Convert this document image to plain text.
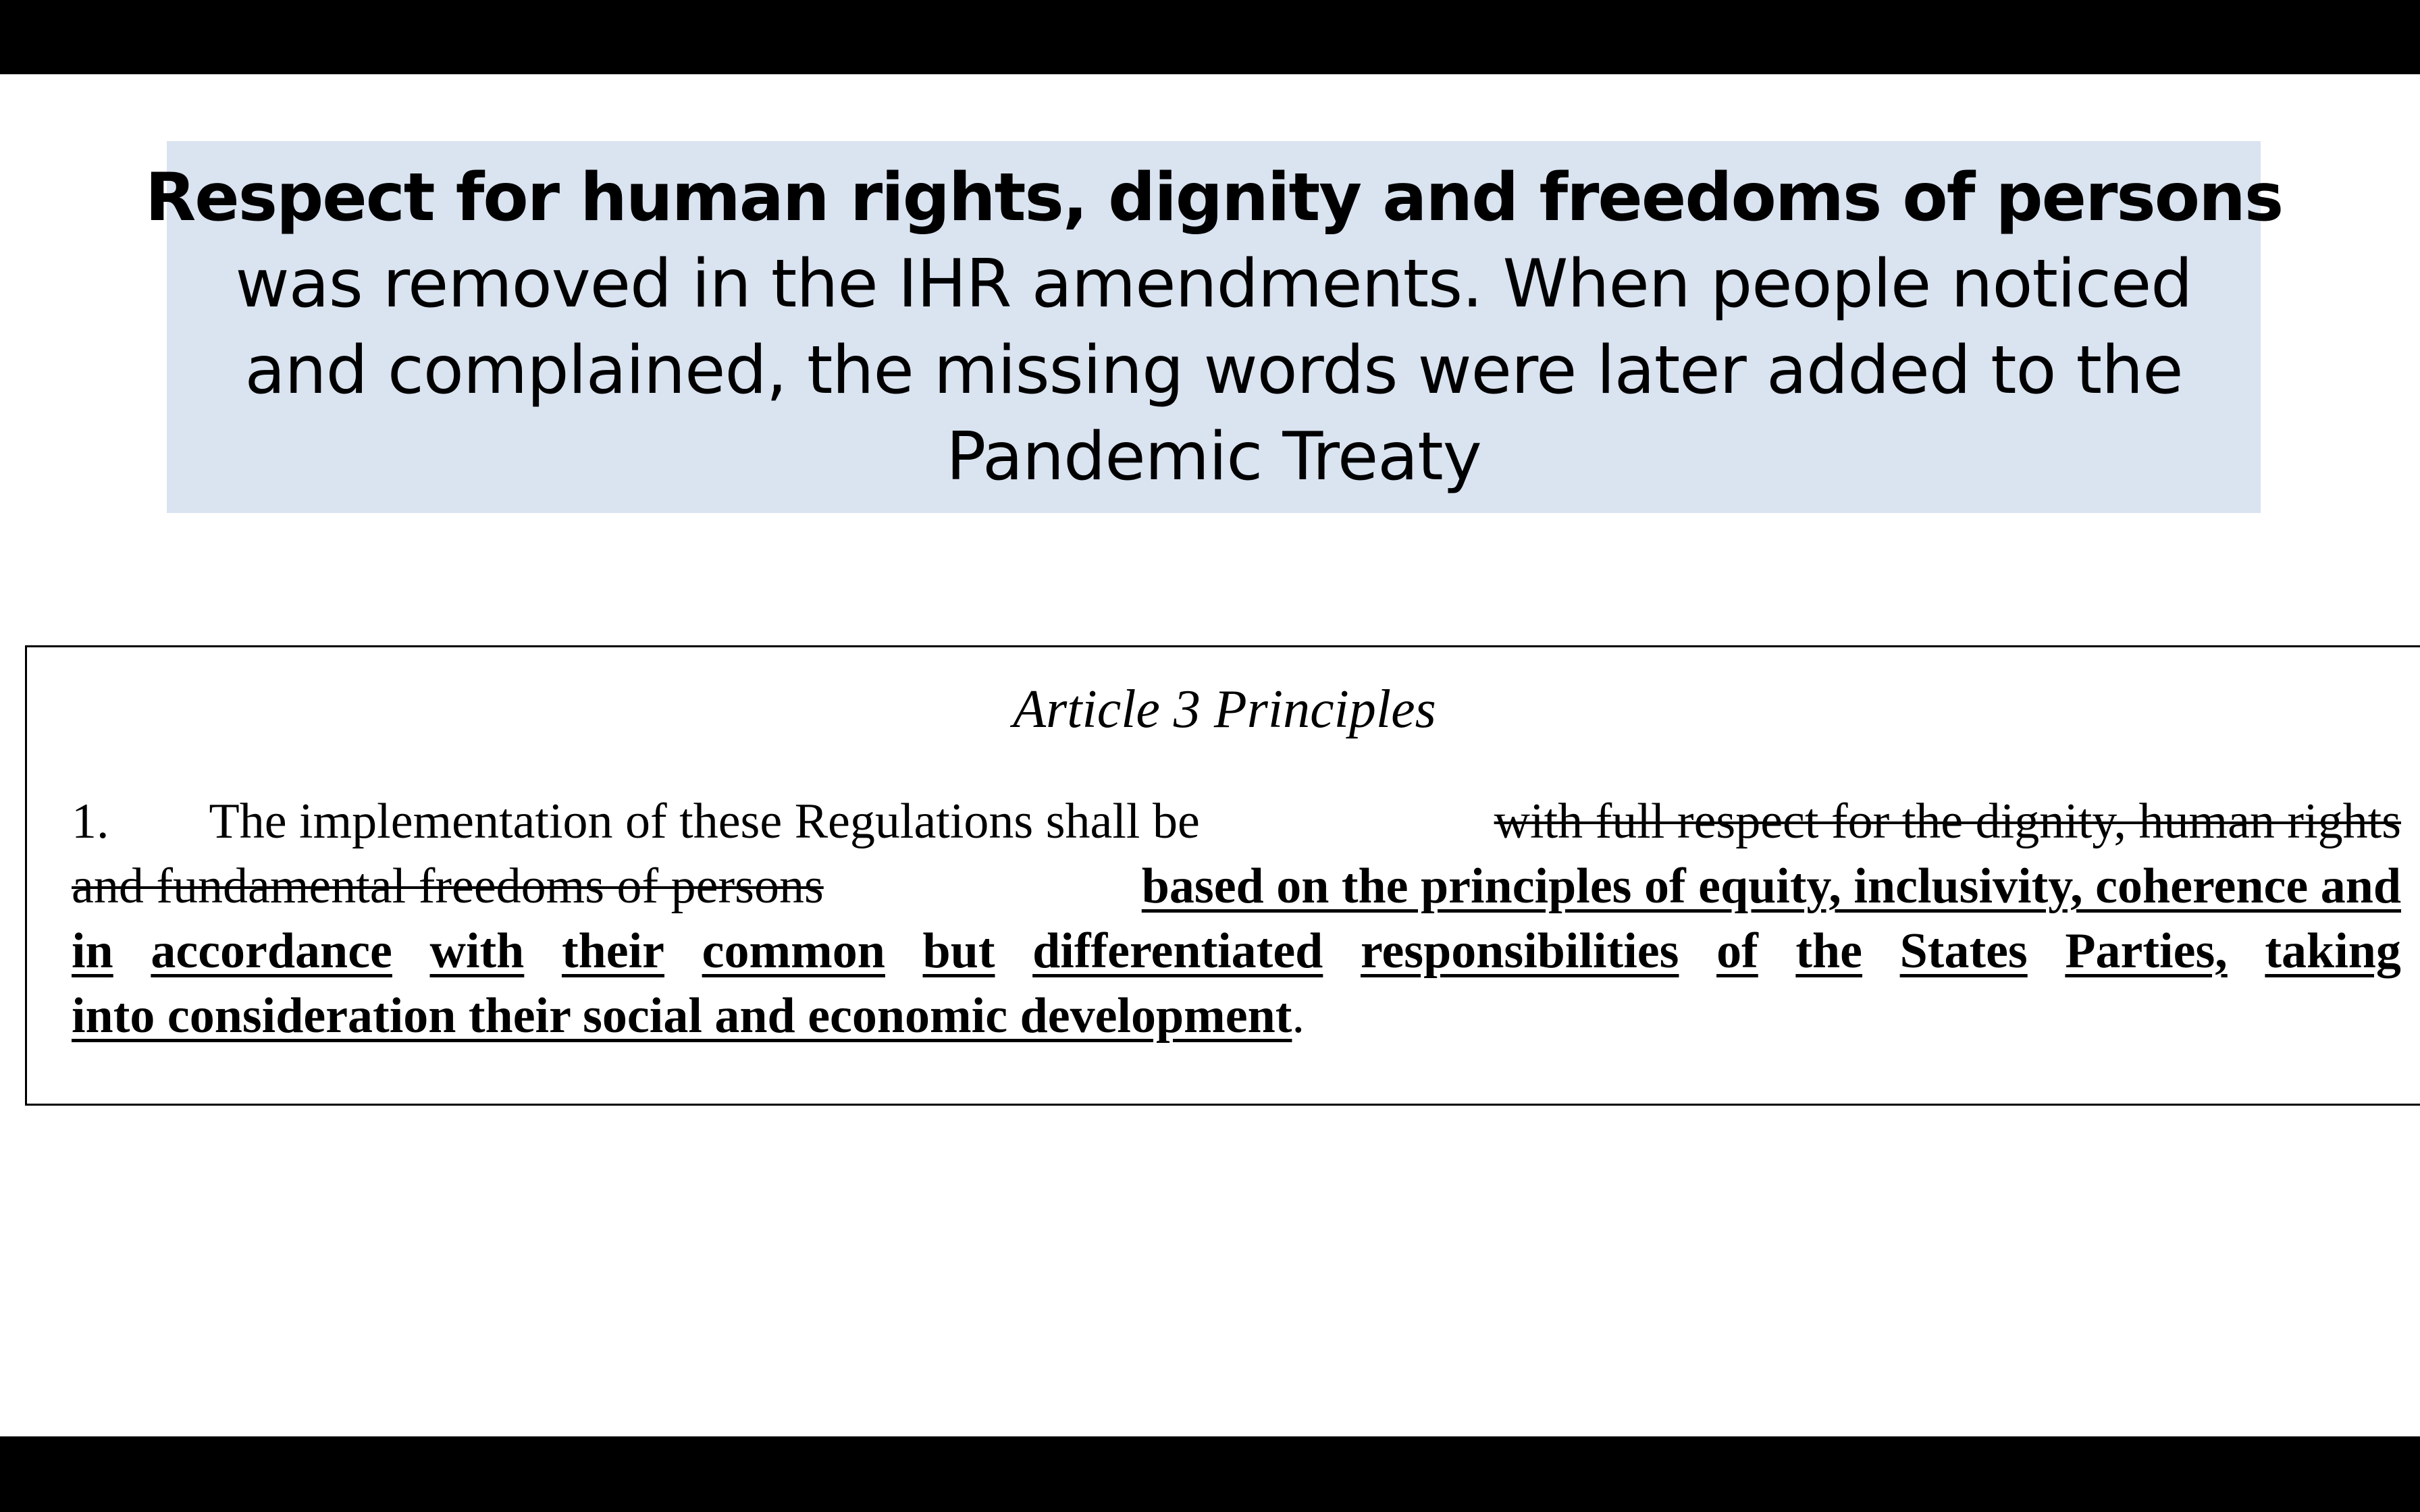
Respect for human rights, dignity and freedoms of persons
was removed in the IHR amendments. When people noticed
and complained, the missing words were later added to the
Pandemic Treaty
Article 3 Principles
1. The implementation of these Regulations shall be	with full respect for the dignity, human rights
and fundamental freedoms of persons	based on the principles of equity, inclusivity, coherence and
in accordance with their common but differentiated responsibilities of the States Parties, taking
into consideration their social and economic development.
